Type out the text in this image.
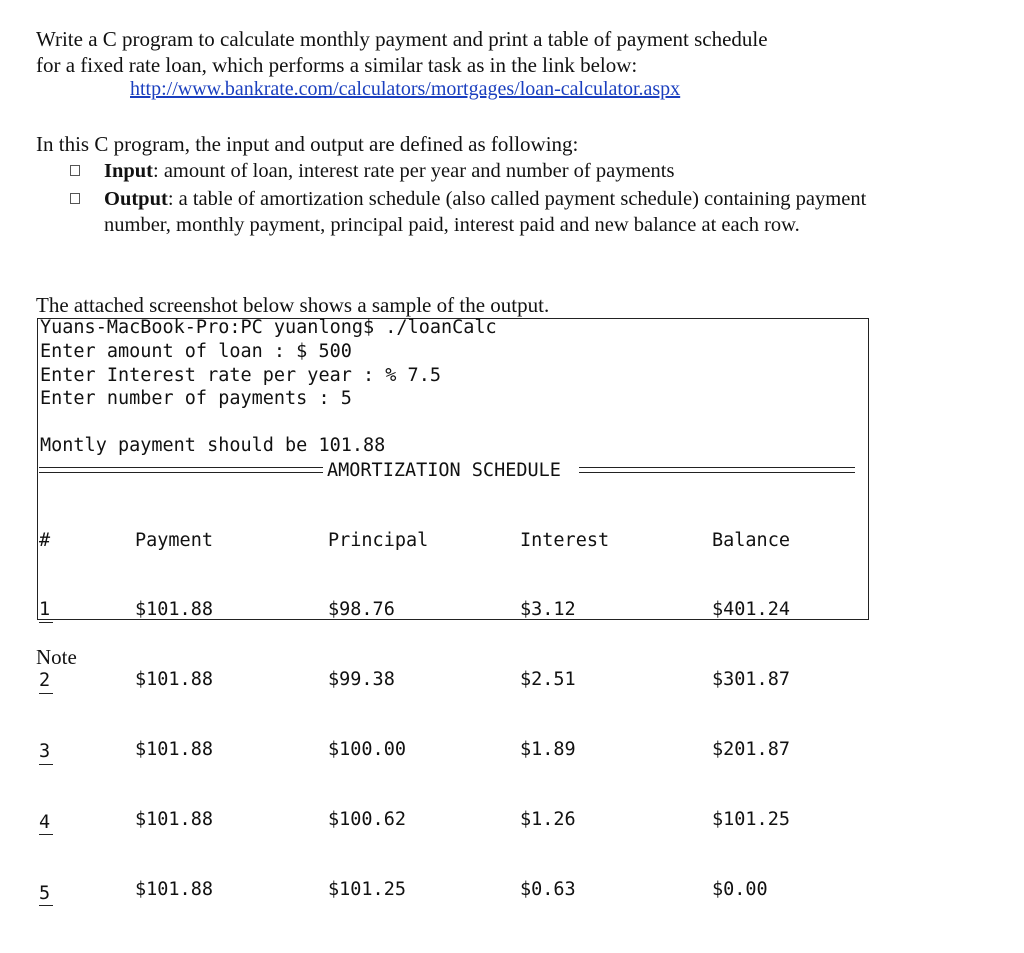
Write a C program to calculate monthly payment and print a table of payment schedule
for a fixed rate loan, which performs a similar task as in the link below:
http://www.bankrate.com/calculators/mortgages/loan-calculator.aspx
In this C program, the input and output are defined as following:
Input: amount of loan, interest rate per year and number of payments
Output: a table of amortization schedule (also called payment schedule) containing payment number, monthly payment, principal paid, interest paid and new balance at each row.
The attached screenshot below shows a sample of the output.
Yuans-MacBook-Pro:PC yuanlong$ ./loanCalc
Enter amount of loan : $ 500
Enter Interest rate per year : % 7.5
Enter number of payments : 5
Montly payment should be 101.88
AMORTIZATION SCHEDULE

#

1

2

3

4

5

Payment

$101.88

$101.88

$101.88

$101.88

$101.88

Principal

$98.76

$99.38

$100.00

$100.62

$101.25

Interest

$3.12

$2.51

$1.89

$1.26

$0.63

Balance

$401.24

$301.87

$201.87

$101.25

$0.00

Note
